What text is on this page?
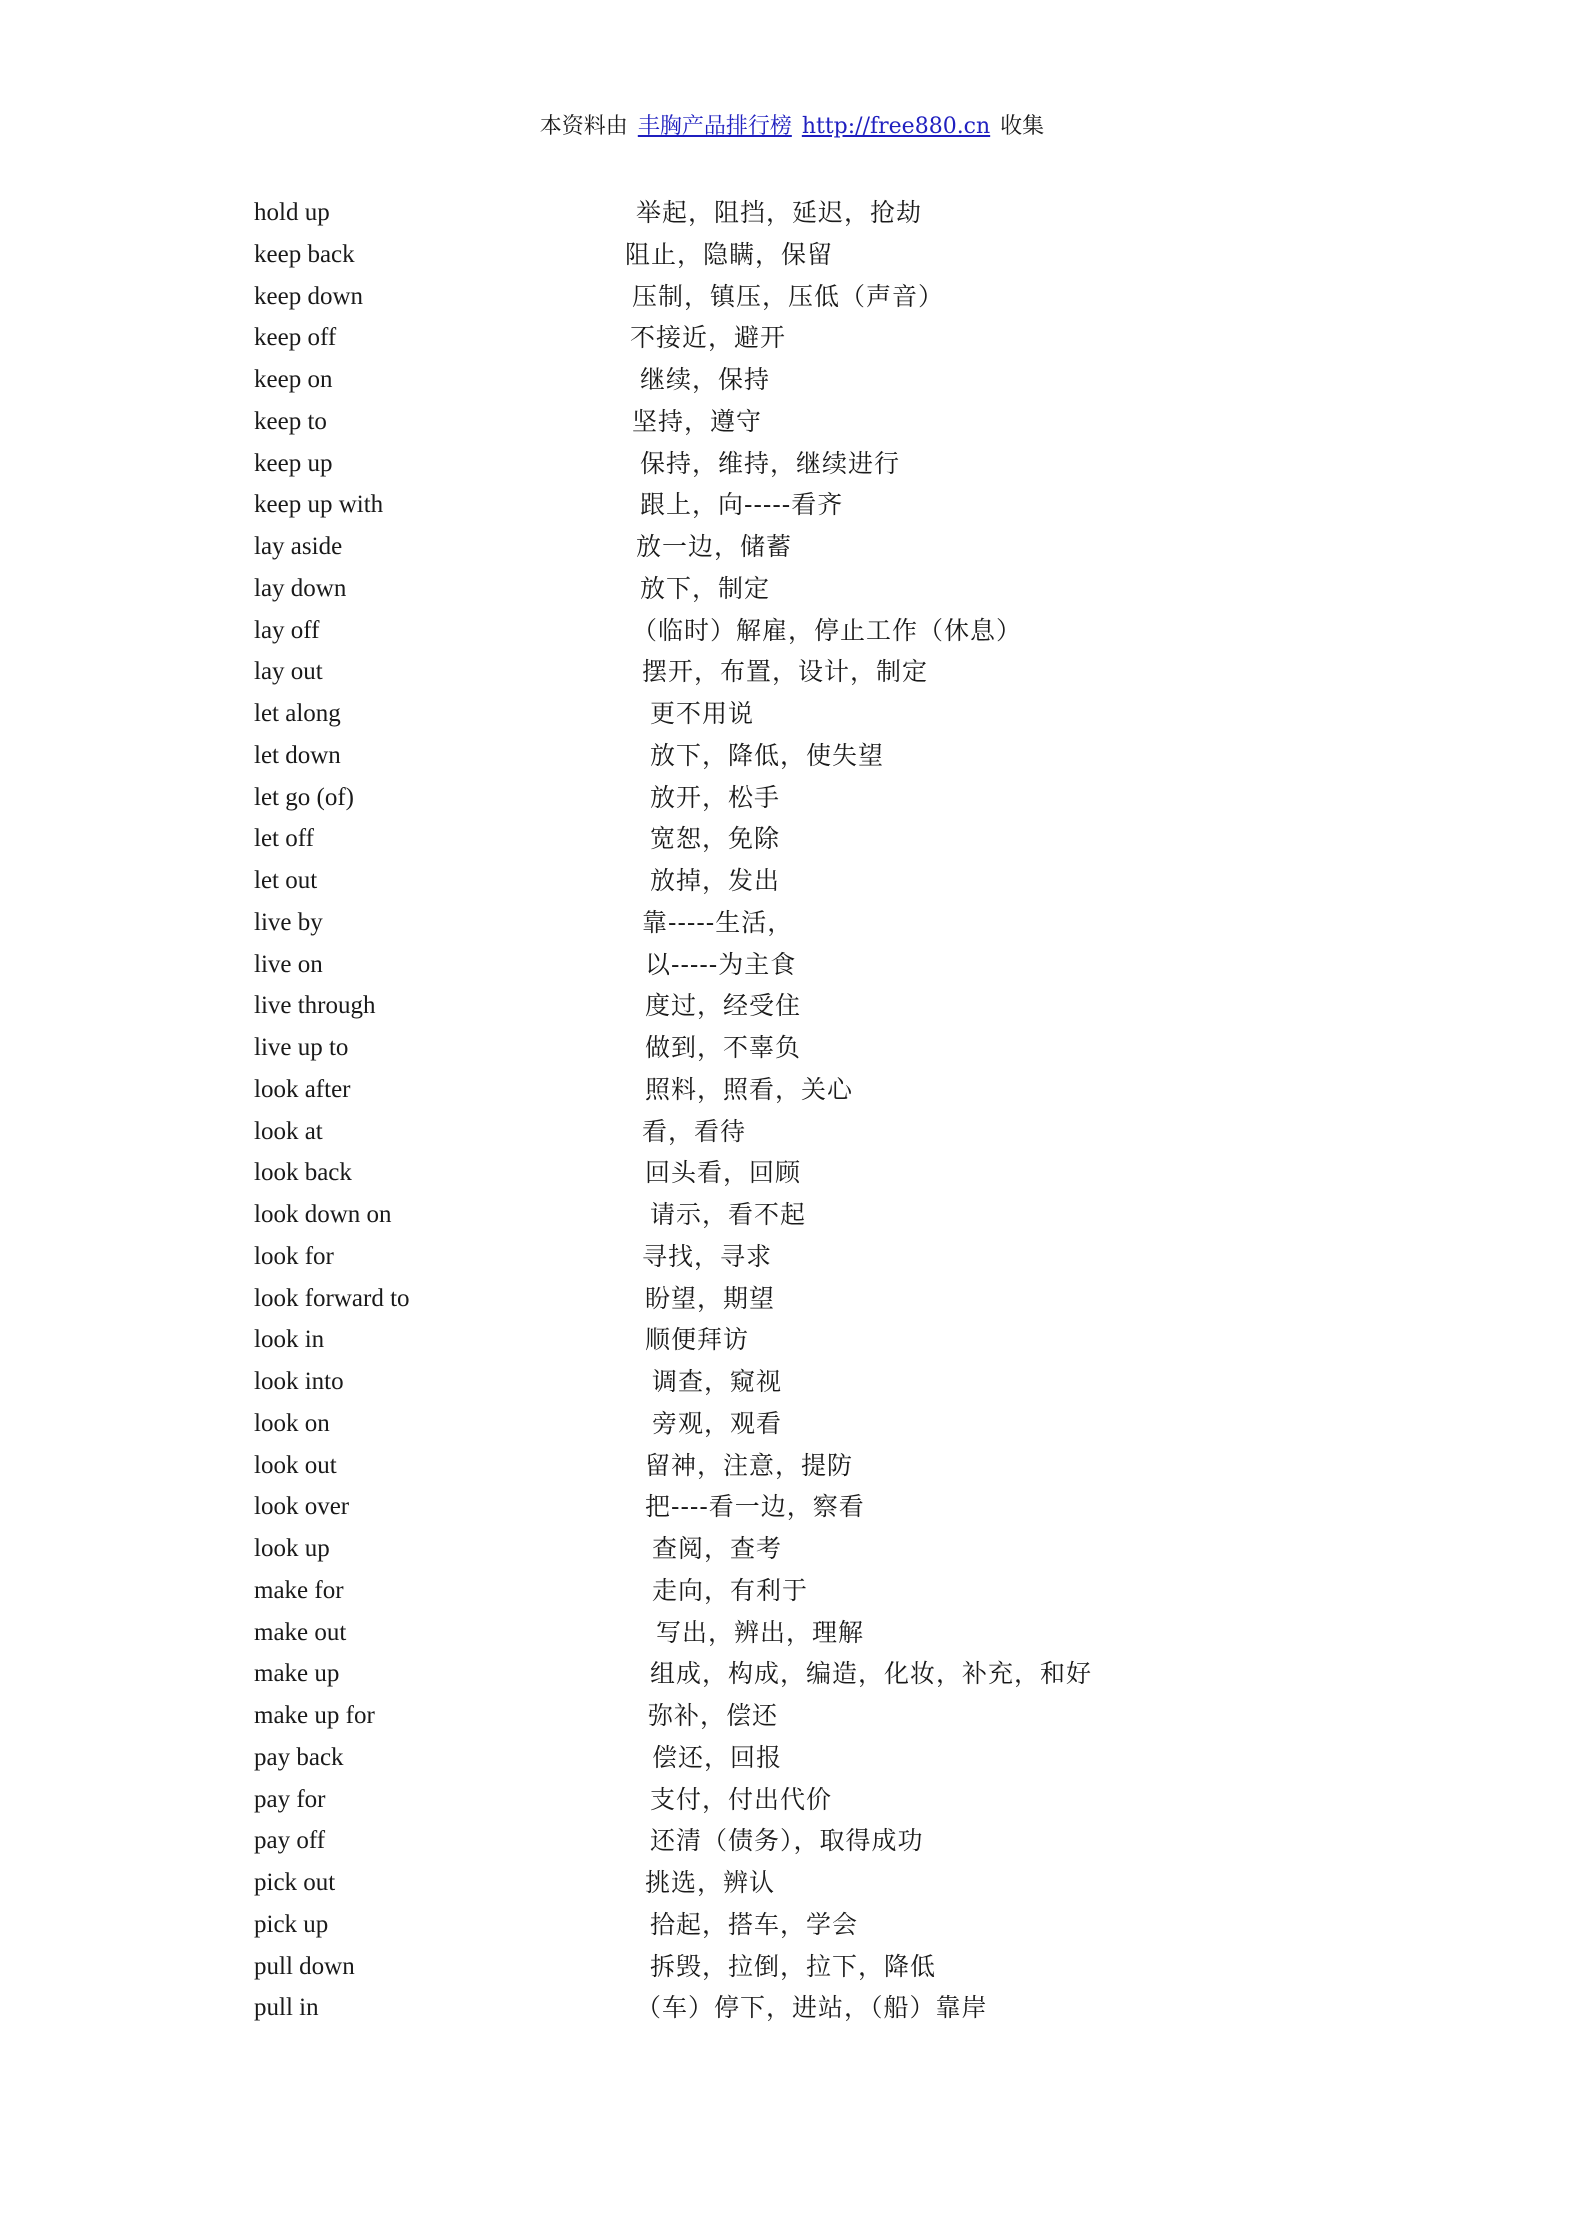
本资料由 丰胸产品排行榜 http://free880.cn 收集
hold up	举起，阻挡，延迟，抢劫
keep back	阻止，隐瞒，保留
keep down	压制，镇压，压低（声音）
keep off	不接近，避开
keep on	继续，保持
keep to	坚持，遵守
keep up	保持，维持，继续进行
keep up with	跟上，向-----看齐
lay aside	放一边，储蓄
lay down	放下，制定
lay off	（临时）解雇，停止工作（休息）
lay out	摆开，布置，设计，制定
let along	更不用说
let down	放下，降低，使失望
let go (of)	放开，松手
let off	宽恕，免除
let out	放掉，发出
live by	靠-----生活，
live on	以-----为主食
live through	度过，经受住
live up to	做到，不辜负
look after	照料，照看，关心
look at	看，看待
look back	回头看，回顾
look down on	请示，看不起
look for	寻找，寻求
look forward to	盼望，期望
look in	顺便拜访
look into	调查，窥视
look on	旁观，观看
look out	留神，注意，提防
look over	把----看一边，察看
look up	查阅，查考
make for	走向，有利于
make out	写出，辨出，理解
make up	组成，构成，编造，化妆，补充，和好
make up for	弥补，偿还
pay back	偿还，回报
pay for	支付，付出代价
pay off	还清（债务），取得成功
pick out	挑选，辨认
pick up	拾起，搭车，学会
pull down	拆毁，拉倒，拉下，降低
pull in	（车）停下，进站，（船）靠岸
